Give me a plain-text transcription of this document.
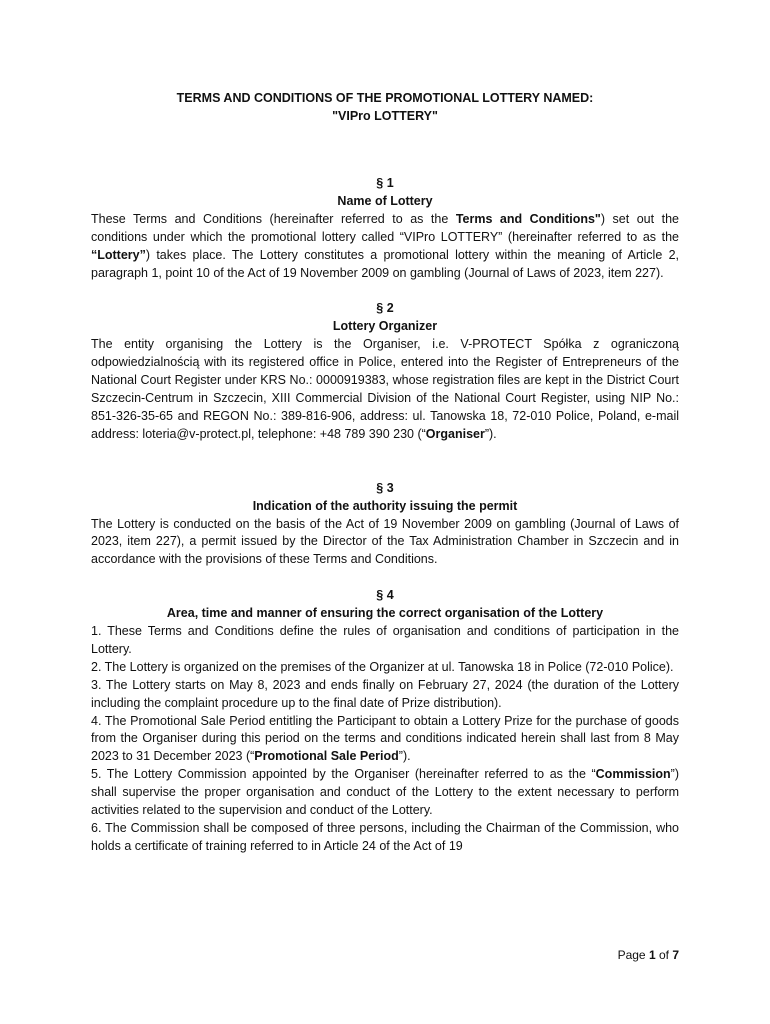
TERMS AND CONDITIONS OF THE PROMOTIONAL LOTTERY NAMED:
"VIPro LOTTERY"
§ 1
Name of Lottery
These Terms and Conditions (hereinafter referred to as the Terms and Conditions") set out the conditions under which the promotional lottery called “VIPro LOTTERY” (hereinafter referred to as the “Lottery”) takes place. The Lottery constitutes a promotional lottery within the meaning of Article 2, paragraph 1, point 10 of the Act of 19 November 2009 on gambling (Journal of Laws of 2023, item 227).
§ 2
Lottery Organizer
The entity organising the Lottery is the Organiser, i.e. V-PROTECT Spółka z ograniczoną odpowiedzialnością with its registered office in Police, entered into the Register of Entrepreneurs of the National Court Register under KRS No.: 0000919383, whose registration files are kept in the District Court Szczecin-Centrum in Szczecin, XIII Commercial Division of the National Court Register, using NIP No.: 851-326-35-65 and REGON No.: 389-816-906, address: ul. Tanowska 18, 72-010 Police, Poland, e-mail address: loteria@v-protect.pl, telephone: +48 789 390 230 (“Organiser”).
§ 3
Indication of the authority issuing the permit
The Lottery is conducted on the basis of the Act of 19 November 2009 on gambling (Journal of Laws of 2023, item 227), a permit issued by the Director of the Tax Administration Chamber in Szczecin and in accordance with the provisions of these Terms and Conditions.
§ 4
Area, time and manner of ensuring the correct organisation of the Lottery
1. These Terms and Conditions define the rules of organisation and conditions of participation in the Lottery.
2. The Lottery is organized on the premises of the Organizer at ul. Tanowska 18 in Police (72-010 Police).
3. The Lottery starts on May 8, 2023 and ends finally on February 27, 2024 (the duration of the Lottery including the complaint procedure up to the final date of Prize distribution).
4. The Promotional Sale Period entitling the Participant to obtain a Lottery Prize for the purchase of goods from the Organiser during this period on the terms and conditions indicated herein shall last from 8 May 2023 to 31 December 2023 (“Promotional Sale Period”).
5. The Lottery Commission appointed by the Organiser (hereinafter referred to as the “Commission”) shall supervise the proper organisation and conduct of the Lottery to the extent necessary to perform activities related to the supervision and conduct of the Lottery.
6. The Commission shall be composed of three persons, including the Chairman of the Commission, who holds a certificate of training referred to in Article 24 of the Act of 19
Page 1 of 7
